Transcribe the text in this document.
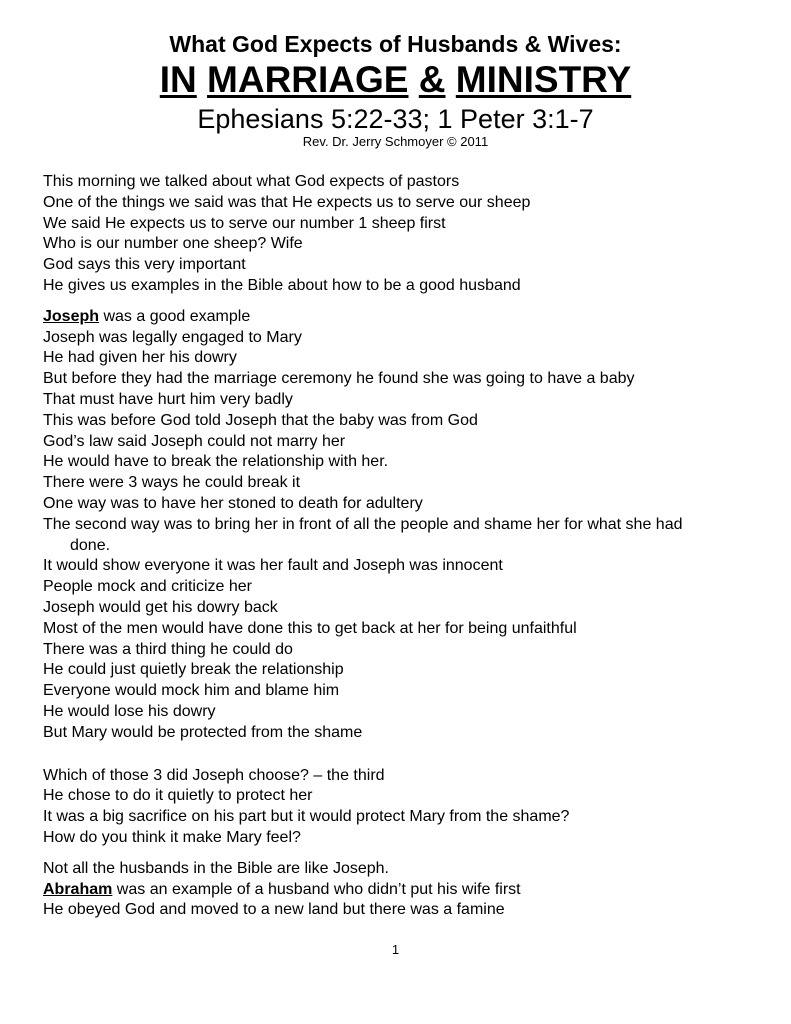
What God Expects of Husbands & Wives:

IN MARRIAGE & MINISTRY

Ephesians 5:22-33; 1 Peter 3:1-7

Rev. Dr. Jerry Schmoyer © 2011

This morning we talked about what God expects of pastors
One of the things we said was that He expects us to serve our sheep
We said He expects us to serve our number 1 sheep first
Who is our number one sheep? Wife
God says this very important
He gives us examples in the Bible about how to be a good husband
Joseph was a good example
Joseph was legally engaged to Mary
He had given her his dowry
But before they had the marriage ceremony he found she was going to have a baby
That must have hurt him very badly
This was before God told Joseph that the baby was from God
God’s law said Joseph could not marry her
He would have to break the relationship with her.
There were 3 ways he could break it
One way was to have her stoned to death for adultery
The second way was to bring her in front of all the people and shame her for what she had
done.
It would show everyone it was her fault and Joseph was innocent
People mock and criticize her
Joseph would get his dowry back
Most of the men would have done this to get back at her for being unfaithful
There was a third thing he could do
He could just quietly break the relationship
Everyone would mock him and blame him
He would lose his dowry
But Mary would be protected from the shame
Which of those 3 did Joseph choose? – the third
He chose to do it quietly to protect her
It was a big sacrifice on his part but it would protect Mary from the shame?
How do you think it make Mary feel?
Not all the husbands in the Bible are like Joseph.
Abraham was an example of a husband who didn’t put his wife first
He obeyed God and moved to a new land but there was a famine
1
